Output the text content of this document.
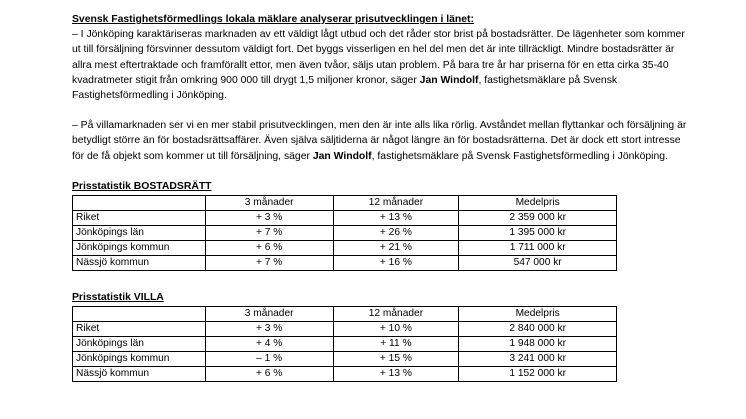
Svensk Fastighetsförmedlings lokala mäklare analyserar prisutvecklingen i länet:

– I Jönköping karaktäriseras marknaden av ett väldigt lågt utbud och det råder stor brist på bostadsrätter. De lägenheter som kommer ut till försäljning försvinner dessutom väldigt fort. Det byggs visserligen en hel del men det är inte tillräckligt. Mindre bostadsrätter är allra mest eftertraktade och framförallt ettor, men även tvåor, säljs utan problem. På bara tre år har priserna för en etta cirka 35-40 kvadratmeter stigit från omkring 900 000 till drygt 1,5 miljoner kronor, säger Jan Windolf, fastighetsmäklare på Svensk Fastighetsförmedling i Jönköping.

– På villamarknaden ser vi en mer stabil prisutvecklingen, men den är inte alls lika rörlig. Avståndet mellan flyttankar och försäljning är betydligt större än för bostadsrättsaffärer. Även själva säljtiderna är något längre än för bostadsrätterna. Det är dock ett stort intresse för de få objekt som kommer ut till försäljning, säger Jan Windolf, fastighetsmäklare på Svensk Fastighetsförmedling i Jönköping.

Prisstatistik BOSTADSRÄTT
	3 månader	12 månader	Medelpris
Riket	+ 3 %	+ 13 %	2 359 000 kr
Jönköpings län	+ 7 %	+ 26 %	1 395 000 kr
Jönköpings kommun	+ 6 %	+ 21 %	1 711 000 kr
Nässjö kommun	+ 7 %	+ 16 %	547 000 kr
Prisstatistik VILLA
	3 månader	12 månader	Medelpris
Riket	+ 3 %	+ 10 %	2 840 000 kr
Jönköpings län	+ 4 %	+ 11 %	1 948 000 kr
Jönköpings kommun	– 1 %	+ 15 %	3 241 000 kr
Nässjö kommun	+ 6 %	+ 13 %	1 152 000 kr
